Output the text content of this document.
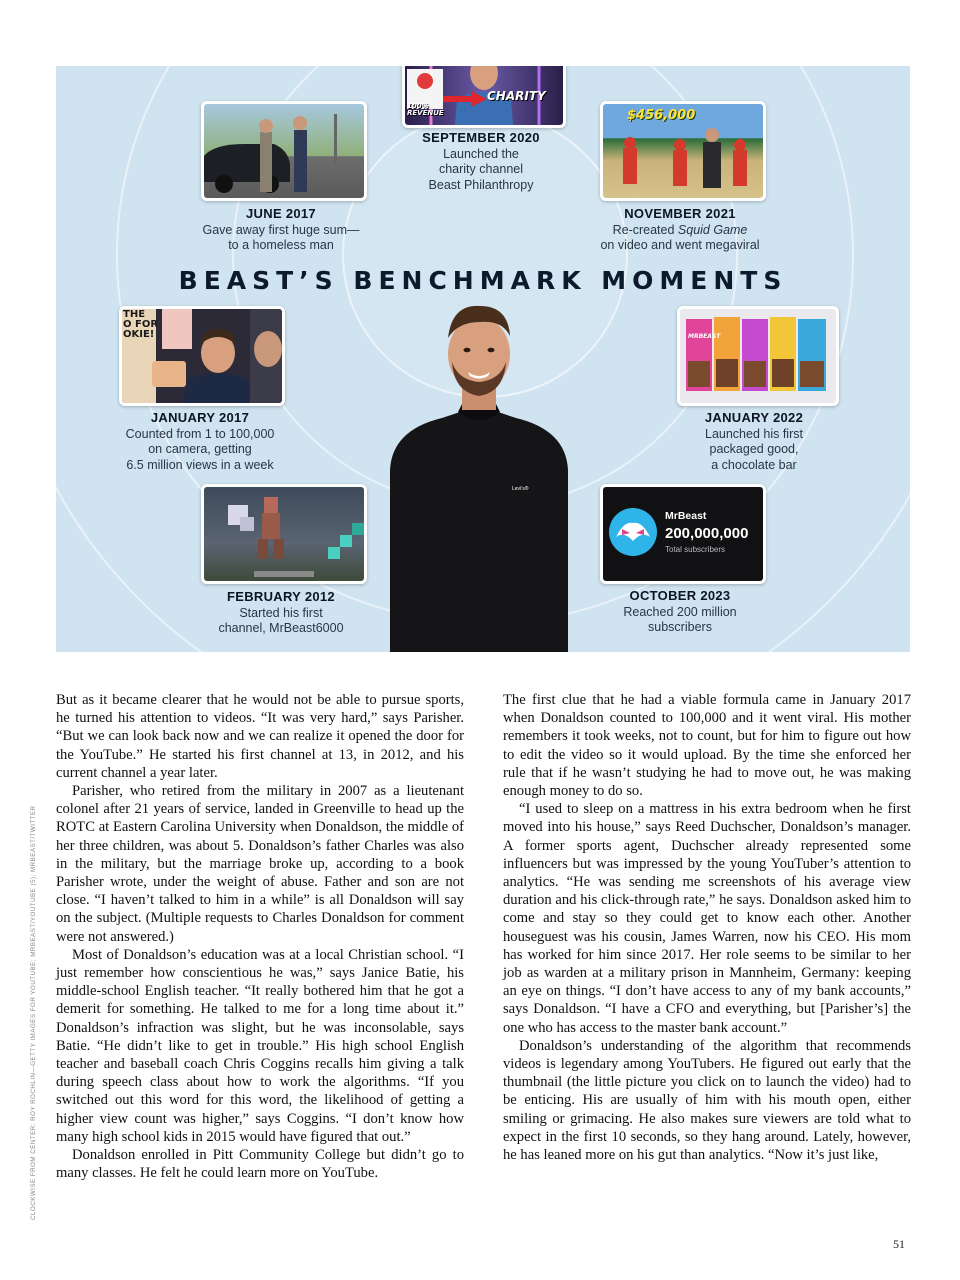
BEAST’S BENCHMARK MOMENTS
Levi’s®
CHARITY
100%
REVENUE
SEPTEMBER 2020
Launched the
charity channel
Beast Philanthropy
JUNE 2017
Gave away first huge sum—
to a homeless man
$456,000
NOVEMBER 2021
Re-created Squid Game
on video and went megaviral
THE
O FOR
OKIE!
JANUARY 2017
Counted from 1 to 100,000
on camera, getting
6.5 million views in a week
MRBEAST
JANUARY 2022
Launched his first
packaged good,
a chocolate bar
FEBRUARY 2012
Started his first
channel, MrBeast6000
MrBeast
200,000,000
Total subscribers
OCTOBER 2023
Reached 200 million
subscribers

But as it became clearer that he would not be able to pursue sports, he turned his attention to videos. “It was very hard,” says Parisher. “But we can look back now and we can realize it opened the door for the YouTube.” He started his first channel at 13, in 2012, and his current channel a year later.

Parisher, who retired from the military in 2007 as a lieutenant colonel after 21 years of service, landed in Greenville to head up the ROTC at Eastern Carolina University when Donaldson, the middle of her three children, was about 5. Donaldson’s father Charles was also in the military, but the marriage broke up, according to a book Parisher wrote, under the weight of abuse. Father and son are not close. “I haven’t talked to him in a while” is all Donaldson will say on the subject. (Multiple requests to Charles Donaldson for comment were not answered.)

Most of Donaldson’s education was at a local Christian school. “I just remember how conscientious he was,” says Janice Batie, his middle-school English teacher. “It really bothered him that he got a demerit for something. He talked to me for a long time about it.” Donaldson’s infraction was slight, but he was inconsolable, says Batie. “He didn’t like to get in trouble.” His high school English teacher and baseball coach Chris Coggins recalls him giving a talk during speech class about how to work the algorithms. “If you switched out this word for this word, the likelihood of getting a higher view count was higher,” says Coggins. “I don’t know how many high school kids in 2015 would have figured that out.”

Donaldson enrolled in Pitt Community College but didn’t go to many classes. He felt he could learn more on YouTube.

The first clue that he had a viable formula came in January 2017 when Donaldson counted to 100,000 and it went viral. His mother remembers it took weeks, not to count, but for him to figure out how to edit the video so it would upload. By the time she enforced her rule that if he wasn’t studying he had to move out, he was making enough money to do so.

“I used to sleep on a mattress in his extra bedroom when he first moved into his house,” says Reed Duchscher, Donaldson’s manager. A former sports agent, Duchscher already represented some influencers but was impressed by the young YouTuber’s attention to analytics. “He was sending me screenshots of his average view duration and his click-through rate,” he says. Donaldson asked him to come and stay so they could get to know each other. Another houseguest was his cousin, James Warren, now his CEO. His mom has worked for him since 2017. Her role seems to be similar to her job as warden at a military prison in Mannheim, Germany: keeping an eye on things. “I don’t have access to any of my bank accounts,” says Donaldson. “I have a CFO and everything, but [Parisher’s] the one who has access to the master bank account.”

Donaldson’s understanding of the algorithm that recommends videos is legendary among YouTubers. He figured out early that the thumbnail (the little picture you click on to launch the video) had to be enticing. His are usually of him with his mouth open, either smiling or grimacing. He also makes sure viewers are told what to expect in the first 10 seconds, so they hang around. Lately, however, he has leaned more on his gut than analytics. “Now it’s just like,

CLOCKWISE FROM CENTER: ROY ROCHLIN—GETTY IMAGES FOR YOUTUBE; MRBEAST/YOUTUBE (5); MRBEAST/TWITTER
51
